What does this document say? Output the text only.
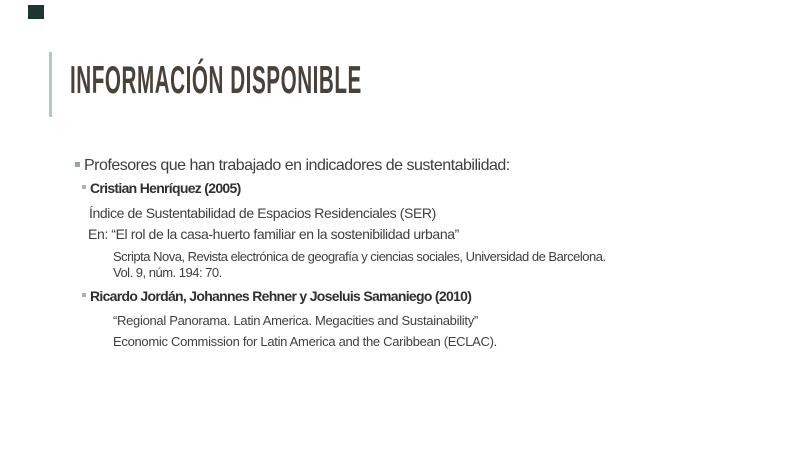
INFORMACIÓN DISPONIBLE
Profesores que han trabajado en indicadores de sustentabilidad:
Cristian Henríquez (2005)
Índice de Sustentabilidad de Espacios Residenciales (SER)
En: “El rol de la casa-huerto familiar en la sostenibilidad urbana”
Scripta Nova, Revista electrónica de geografía y ciencias sociales, Universidad de Barcelona.
Vol. 9, núm. 194: 70.
Ricardo Jordán, Johannes Rehner y Joseluis Samaniego (2010)
“Regional Panorama. Latin America. Megacities and Sustainability”
Economic Commission for Latin America and the Caribbean (ECLAC).
